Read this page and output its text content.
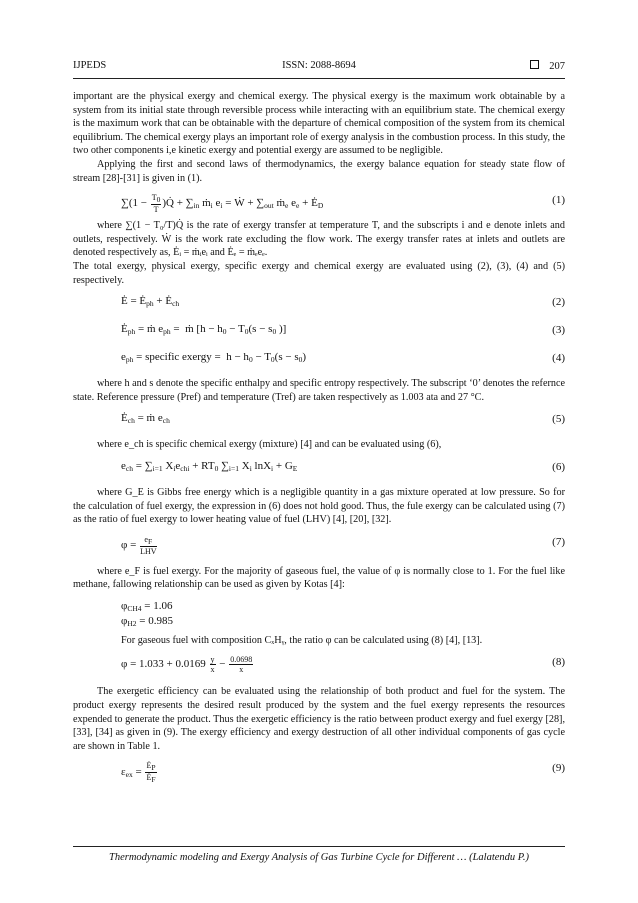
IJPEDS	ISSN: 2088-8694	207

important are the physical exergy and chemical exergy. The physical exergy is the maximum work obtainable by a system from its initial state through reversible process while interacting with an equilibrium state. The chemical exergy is the maximum work that can be obtainable with the departure of chemical composition of the system from its chemical equilibrium. The chemical exergy plays an important role of exergy analysis in the combustion process. In this study, the two other components i,e kinetic exergy and potential exergy are assumed to be negligible.

Applying the first and second laws of thermodynamics, the exergy balance equation for steady state flow of stream [28]-[31] is given in (1).

$\sum(1 - \frac{T0}{T}$ )Q̇ + $\sum_{in}$ ṁ$_i$ $e_i$ = Ẇ + $\sum_{out}$ ṁ$_e$ $e_e$ + $Ė_D$	(1)

where ∑(1 − T₀/T)Q̇ is the rate of exergy transfer at temperature T, and the subscripts i and e denote inlets and outlets, respectively. Ẇ is the work rate excluding the flow work. The exergy transfer rates at inlets and outlets are denoted respectively as, Ėᵢ = ṁᵢeᵢ and Ėₑ = ṁₑeₑ.

The total exergy, physical exergy, specific exergy and chemical exergy are evaluated using (2), (3), (4) and (5) respectively.

Ė = $Ė_{ph}$ + $Ė_{ch}$	(2)
$Ė_{ph}$ = ṁ $e_{ph}$ =  ṁ [$h - h_0 - T_0(s - s_0$ )]	(3)
$e_{ph}$ = specific exergy =  $h - h_0 - T_0(s - s_0)$	(4)

where h and s denote the specific enthalpy and specific entropy respectively. The subscript ‘0’ denotes the refernce state. Reference pressure (Pref) and temperature (Tref) are taken respectively as 1.003 ata and 27 °C.

$Ė_{ch}$ = ṁ $e_{ch}$	(5)

where e_ch is specific chemical exergy (mixture) [4] and can be evaluated using (6),

$e_{ch} = \sum_{i=1}$ $X_ie_{chi} + RT_0$ $\sum_{i=1}$ $X_i$ $\ln X_i + G_E$	(6)

where G_E is Gibbs free energy which is a negligible quantity in a gas mixture operated at low pressure. So for the calculation of fuel exergy, the expression in (6) does not hold good. Thus, the fule exergy can be calculated using (7) as the ratio of fuel exergy to lower heating value of fuel (LHV) [4], [20], [32].

$\varphi = \frac{eF}{\text{LHV}}$	(7)

where e_F is fuel exergy. For the majority of gaseous fuel, the value of φ is normally close to 1. For the fuel like methane, fallowing relationship can be used as given by Kotas [4]:

$\varphi_{CH4} = 1.06$
$\varphi_{H2} = 0.985$

For gaseous fuel with composition CₓHᵧ, the ratio φ can be calculated using (8) [4], [13].

$\varphi = 1.033 + 0.0169 \frac{y}{x} - \frac{0.0698}{x}$	(8)

The exergetic efficiency can be evaluated using the relationship of both product and fuel for the system. The product exergy represents the desired result produced by the system and the fuel exergy represents the resources expended to generate the product. Thus the exergetic efficiency is the ratio between product exergy and fuel exergy [28], [33], [34] as given in (9). The exergy efficiency and exergy destruction of all other individual components of gas cycle are shown in Table 1.

$\varepsilon_{ex} = \frac{ĖP}{ĖF}$	(9)
Thermodynamic modeling and Exergy Analysis of Gas Turbine Cycle for Different … (Lalatendu P.)
